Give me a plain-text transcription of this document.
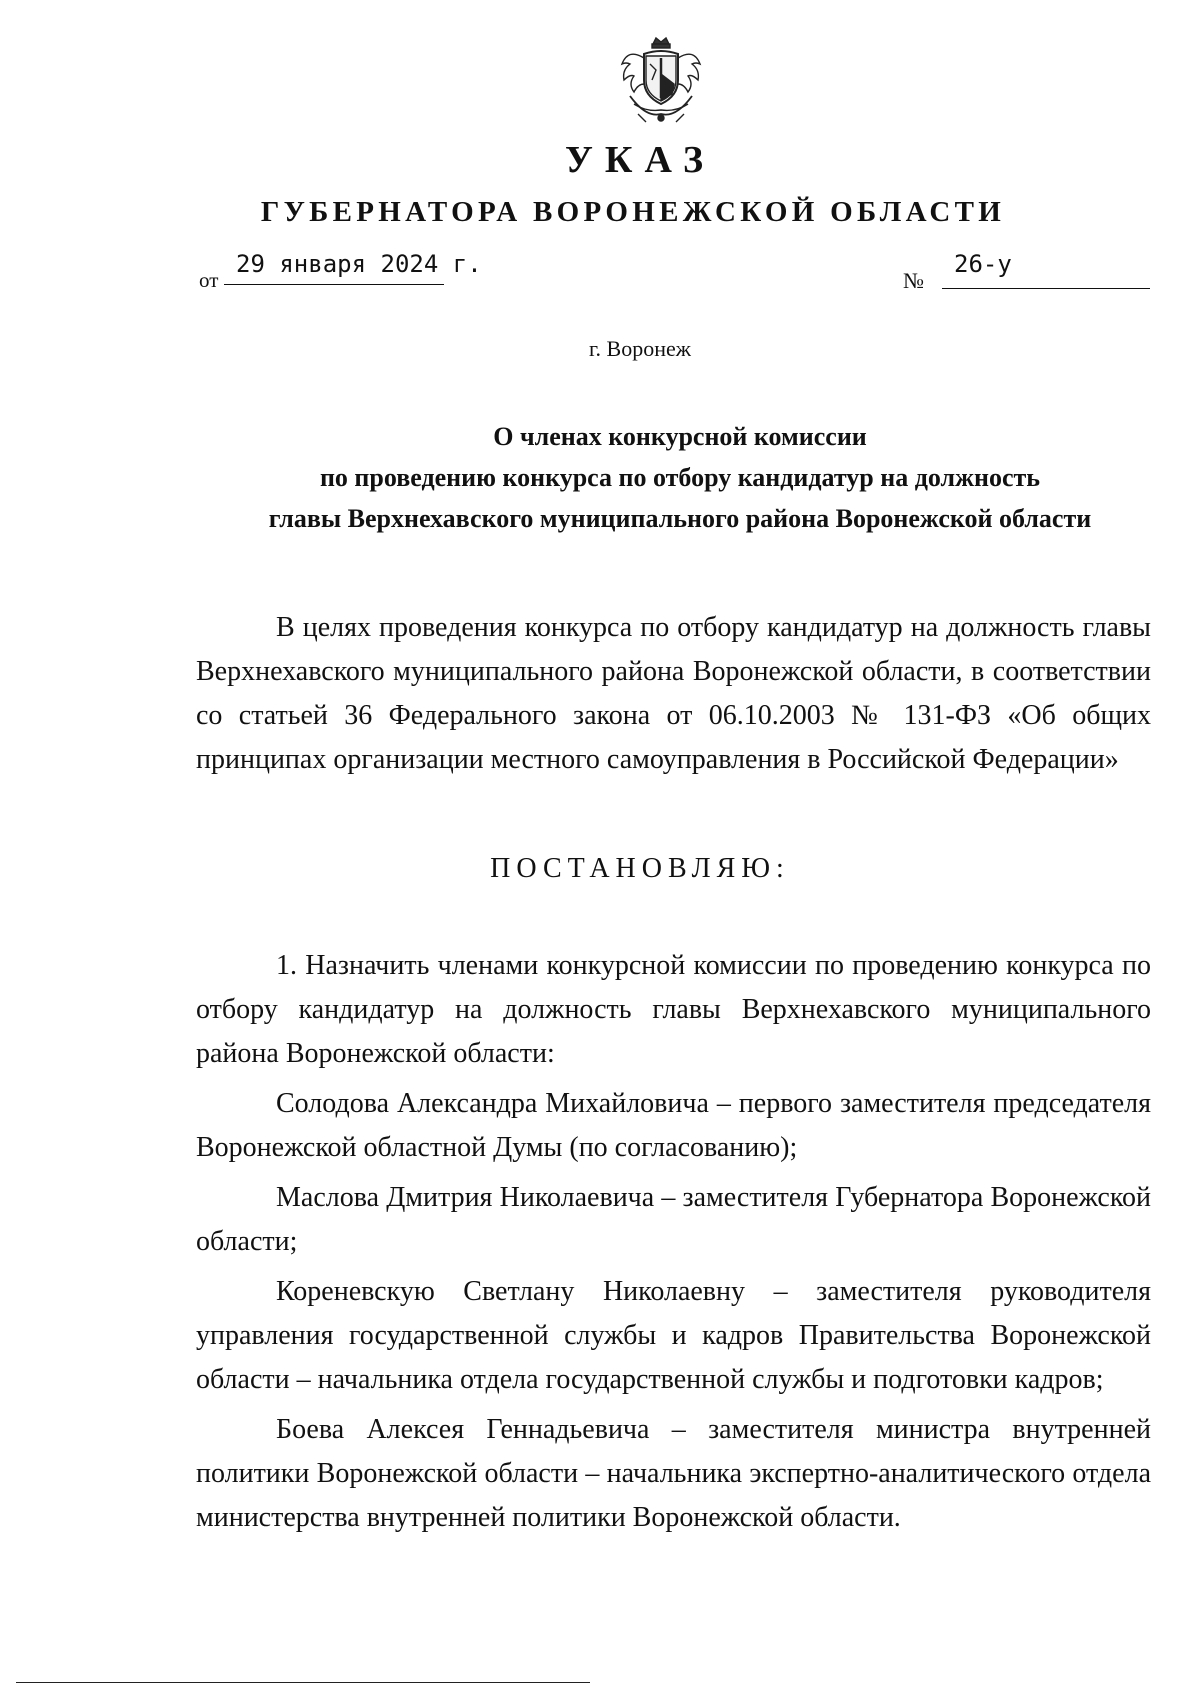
УКАЗ
ГУБЕРНАТОРА ВОРОНЕЖСКОЙ ОБЛАСТИ
от
29 января 2024 г.
№
26-у
г. Воронеж
О членах конкурсной комиссии
по проведению конкурса по отбору кандидатур на должность
главы Верхнехавского муниципального района Воронежской области

В целях проведения конкурса по отбору кандидатур на должность главы Верхнехавского муниципального района Воронежской области, в соответствии со статьей 36 Федерального закона от 06.10.2003 № 131-ФЗ «Об общих принципах организации местного самоуправления в Российской Федерации»

ПОСТАНОВЛЯЮ:

1. Назначить членами конкурсной комиссии по проведению конкурса по отбору кандидатур на должность главы Верхнехавского муниципального района Воронежской области:

Солодова Александра Михайловича – первого заместителя председателя Воронежской областной Думы (по согласованию);

Маслова Дмитрия Николаевича – заместителя Губернатора Воронежской области;

Кореневскую Светлану Николаевну – заместителя руководителя управления государственной службы и кадров Правительства Воронежской области – начальника отдела государственной службы и подготовки кадров;

Боева Алексея Геннадьевича – заместителя министра внутренней политики Воронежской области – начальника экспертно-аналитического отдела министерства внутренней политики Воронежской области.
